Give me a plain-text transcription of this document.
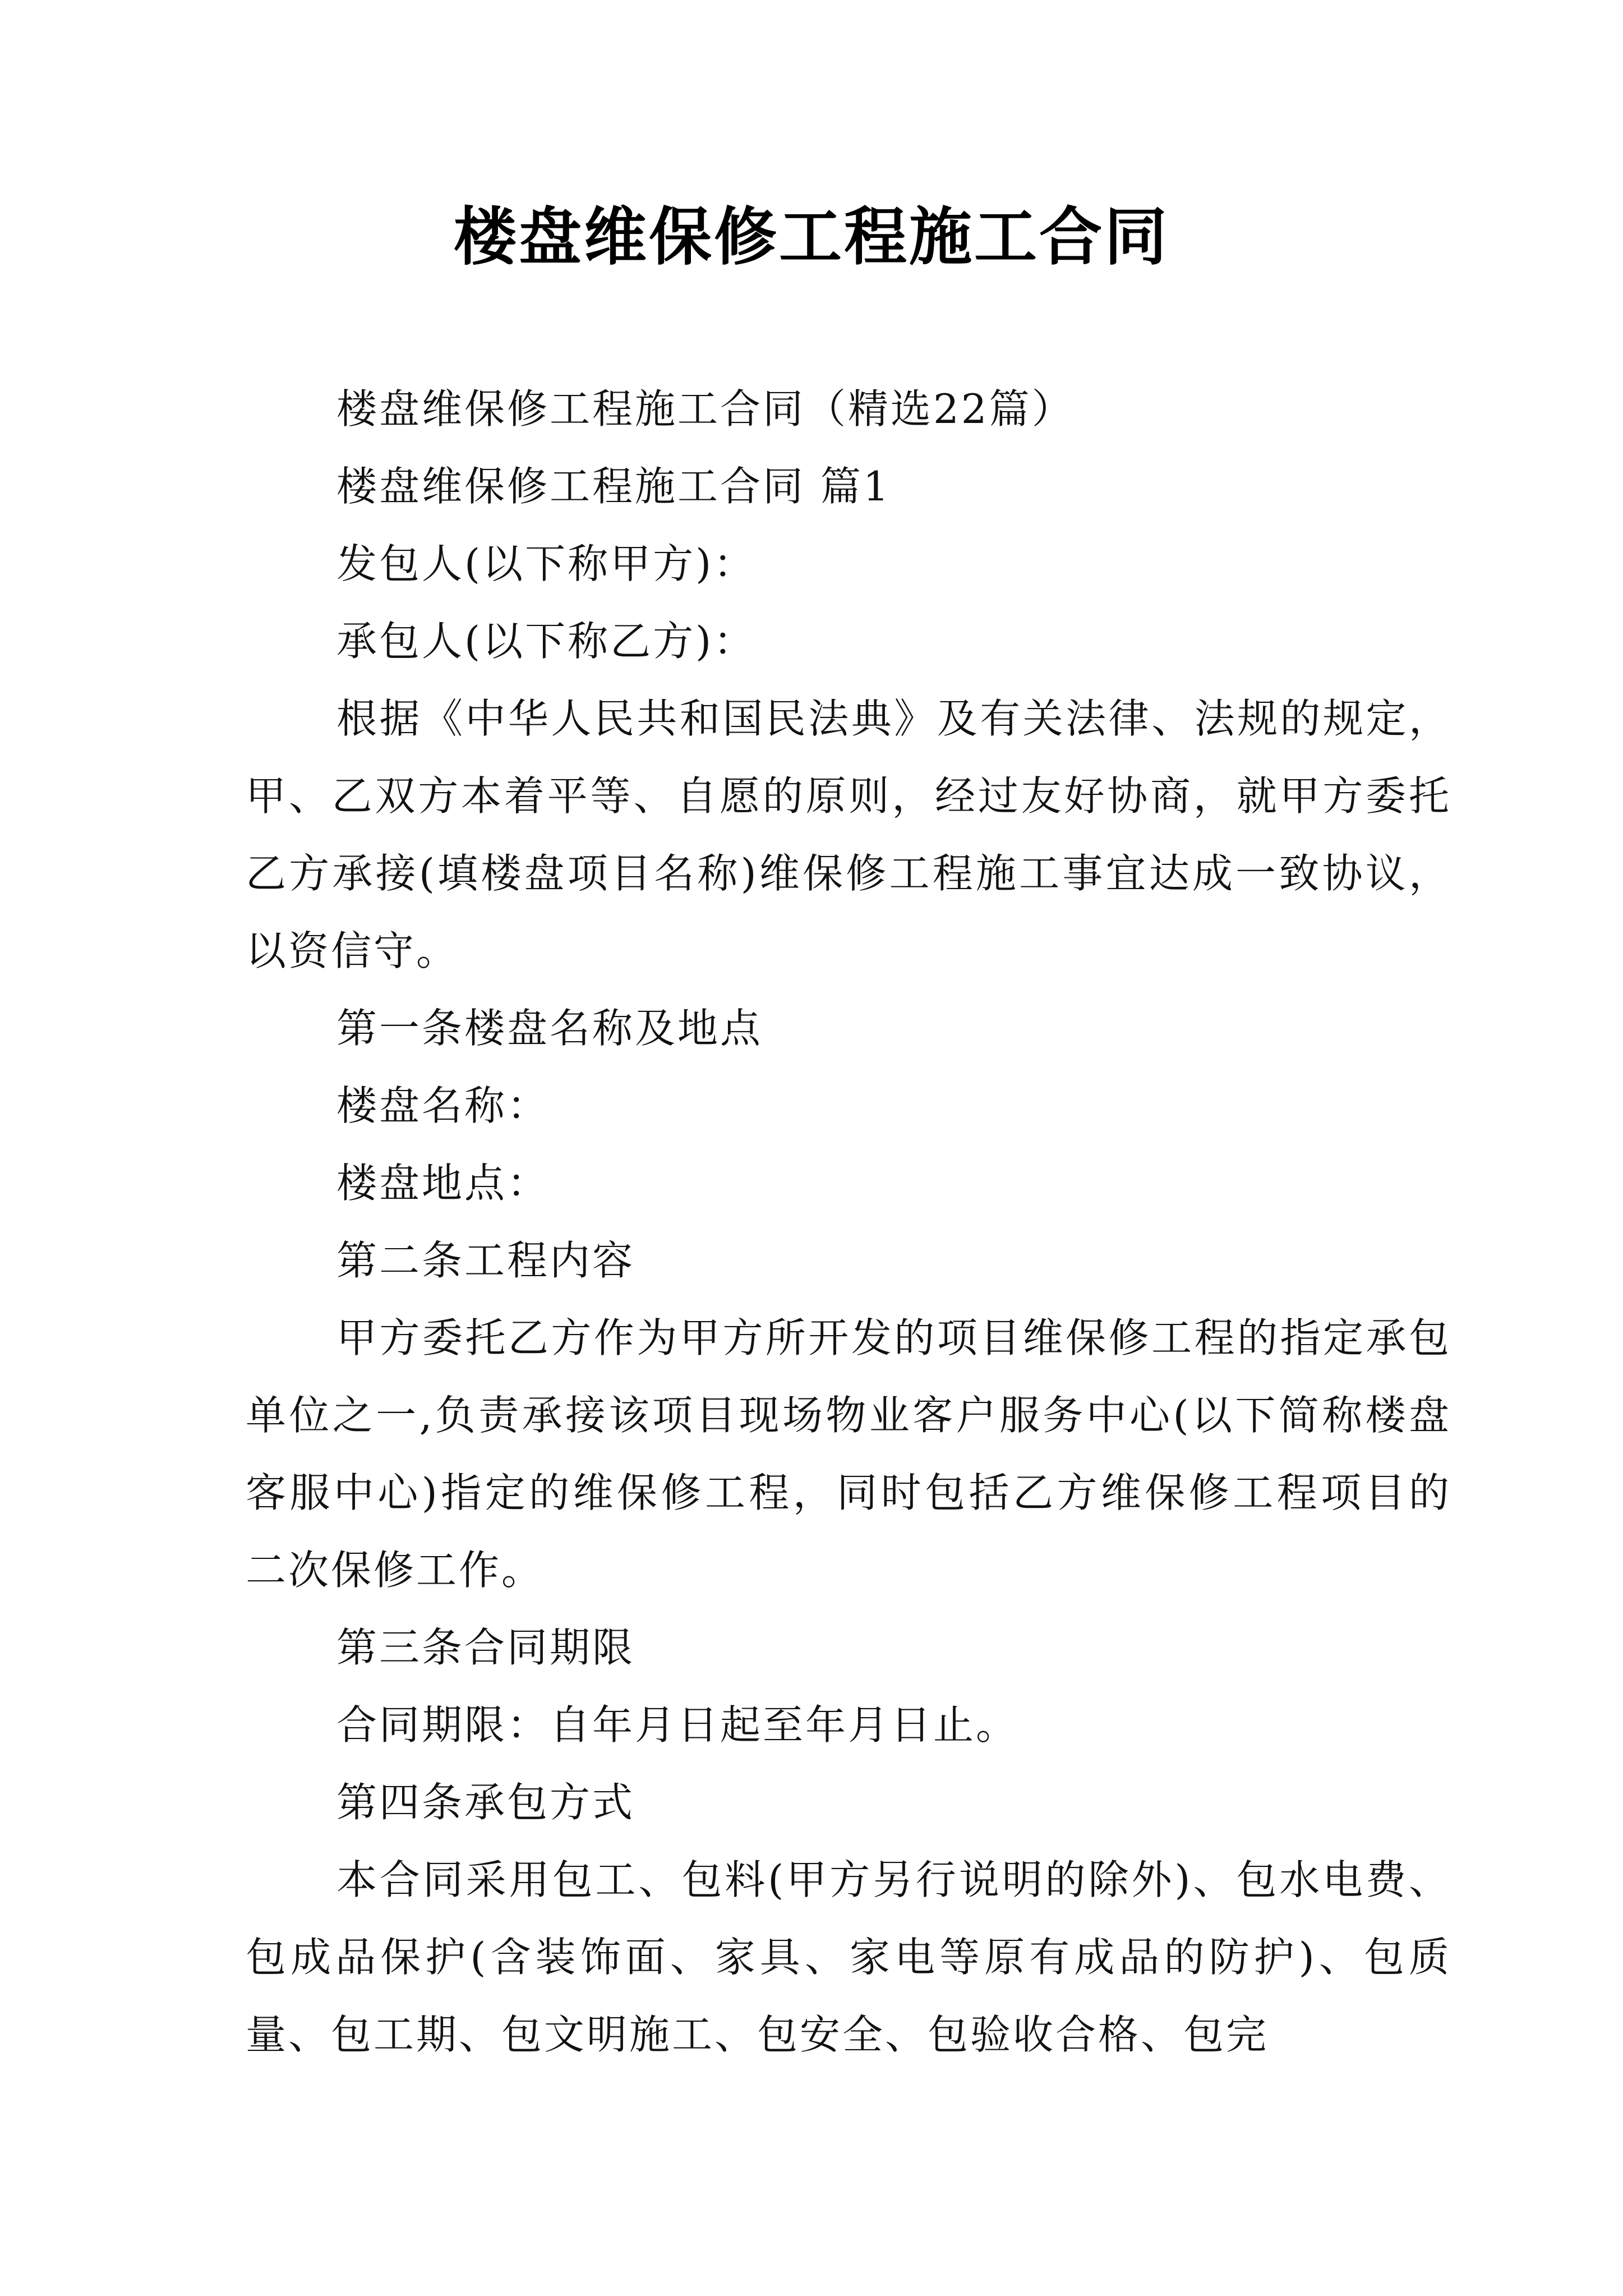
楼盘维保修工程施工合同

楼盘维保修工程施工合同（精选22篇）

楼盘维保修工程施工合同 篇1

发包人(以下称甲方)：

承包人(以下称乙方)：

根据《中华人民共和国民法典》及有关法律、法规的规定，甲、乙双方本着平等、自愿的原则，经过友好协商，就甲方委托乙方承接(填楼盘项目名称)维保修工程施工事宜达成一致协议，以资信守。

第一条楼盘名称及地点

楼盘名称：

楼盘地点：

第二条工程内容

甲方委托乙方作为甲方所开发的项目维保修工程的指定承包单位之一,负责承接该项目现场物业客户服务中心(以下简称楼盘客服中心)指定的维保修工程，同时包括乙方维保修工程项目的二次保修工作。

第三条合同期限

合同期限：自年月日起至年月日止。

第四条承包方式

本合同采用包工、包料(甲方另行说明的除外)、包水电费、包成品保护(含装饰面、家具、家电等原有成品的防护)、包质量、包工期、包文明施工、包安全、包验收合格、包完
